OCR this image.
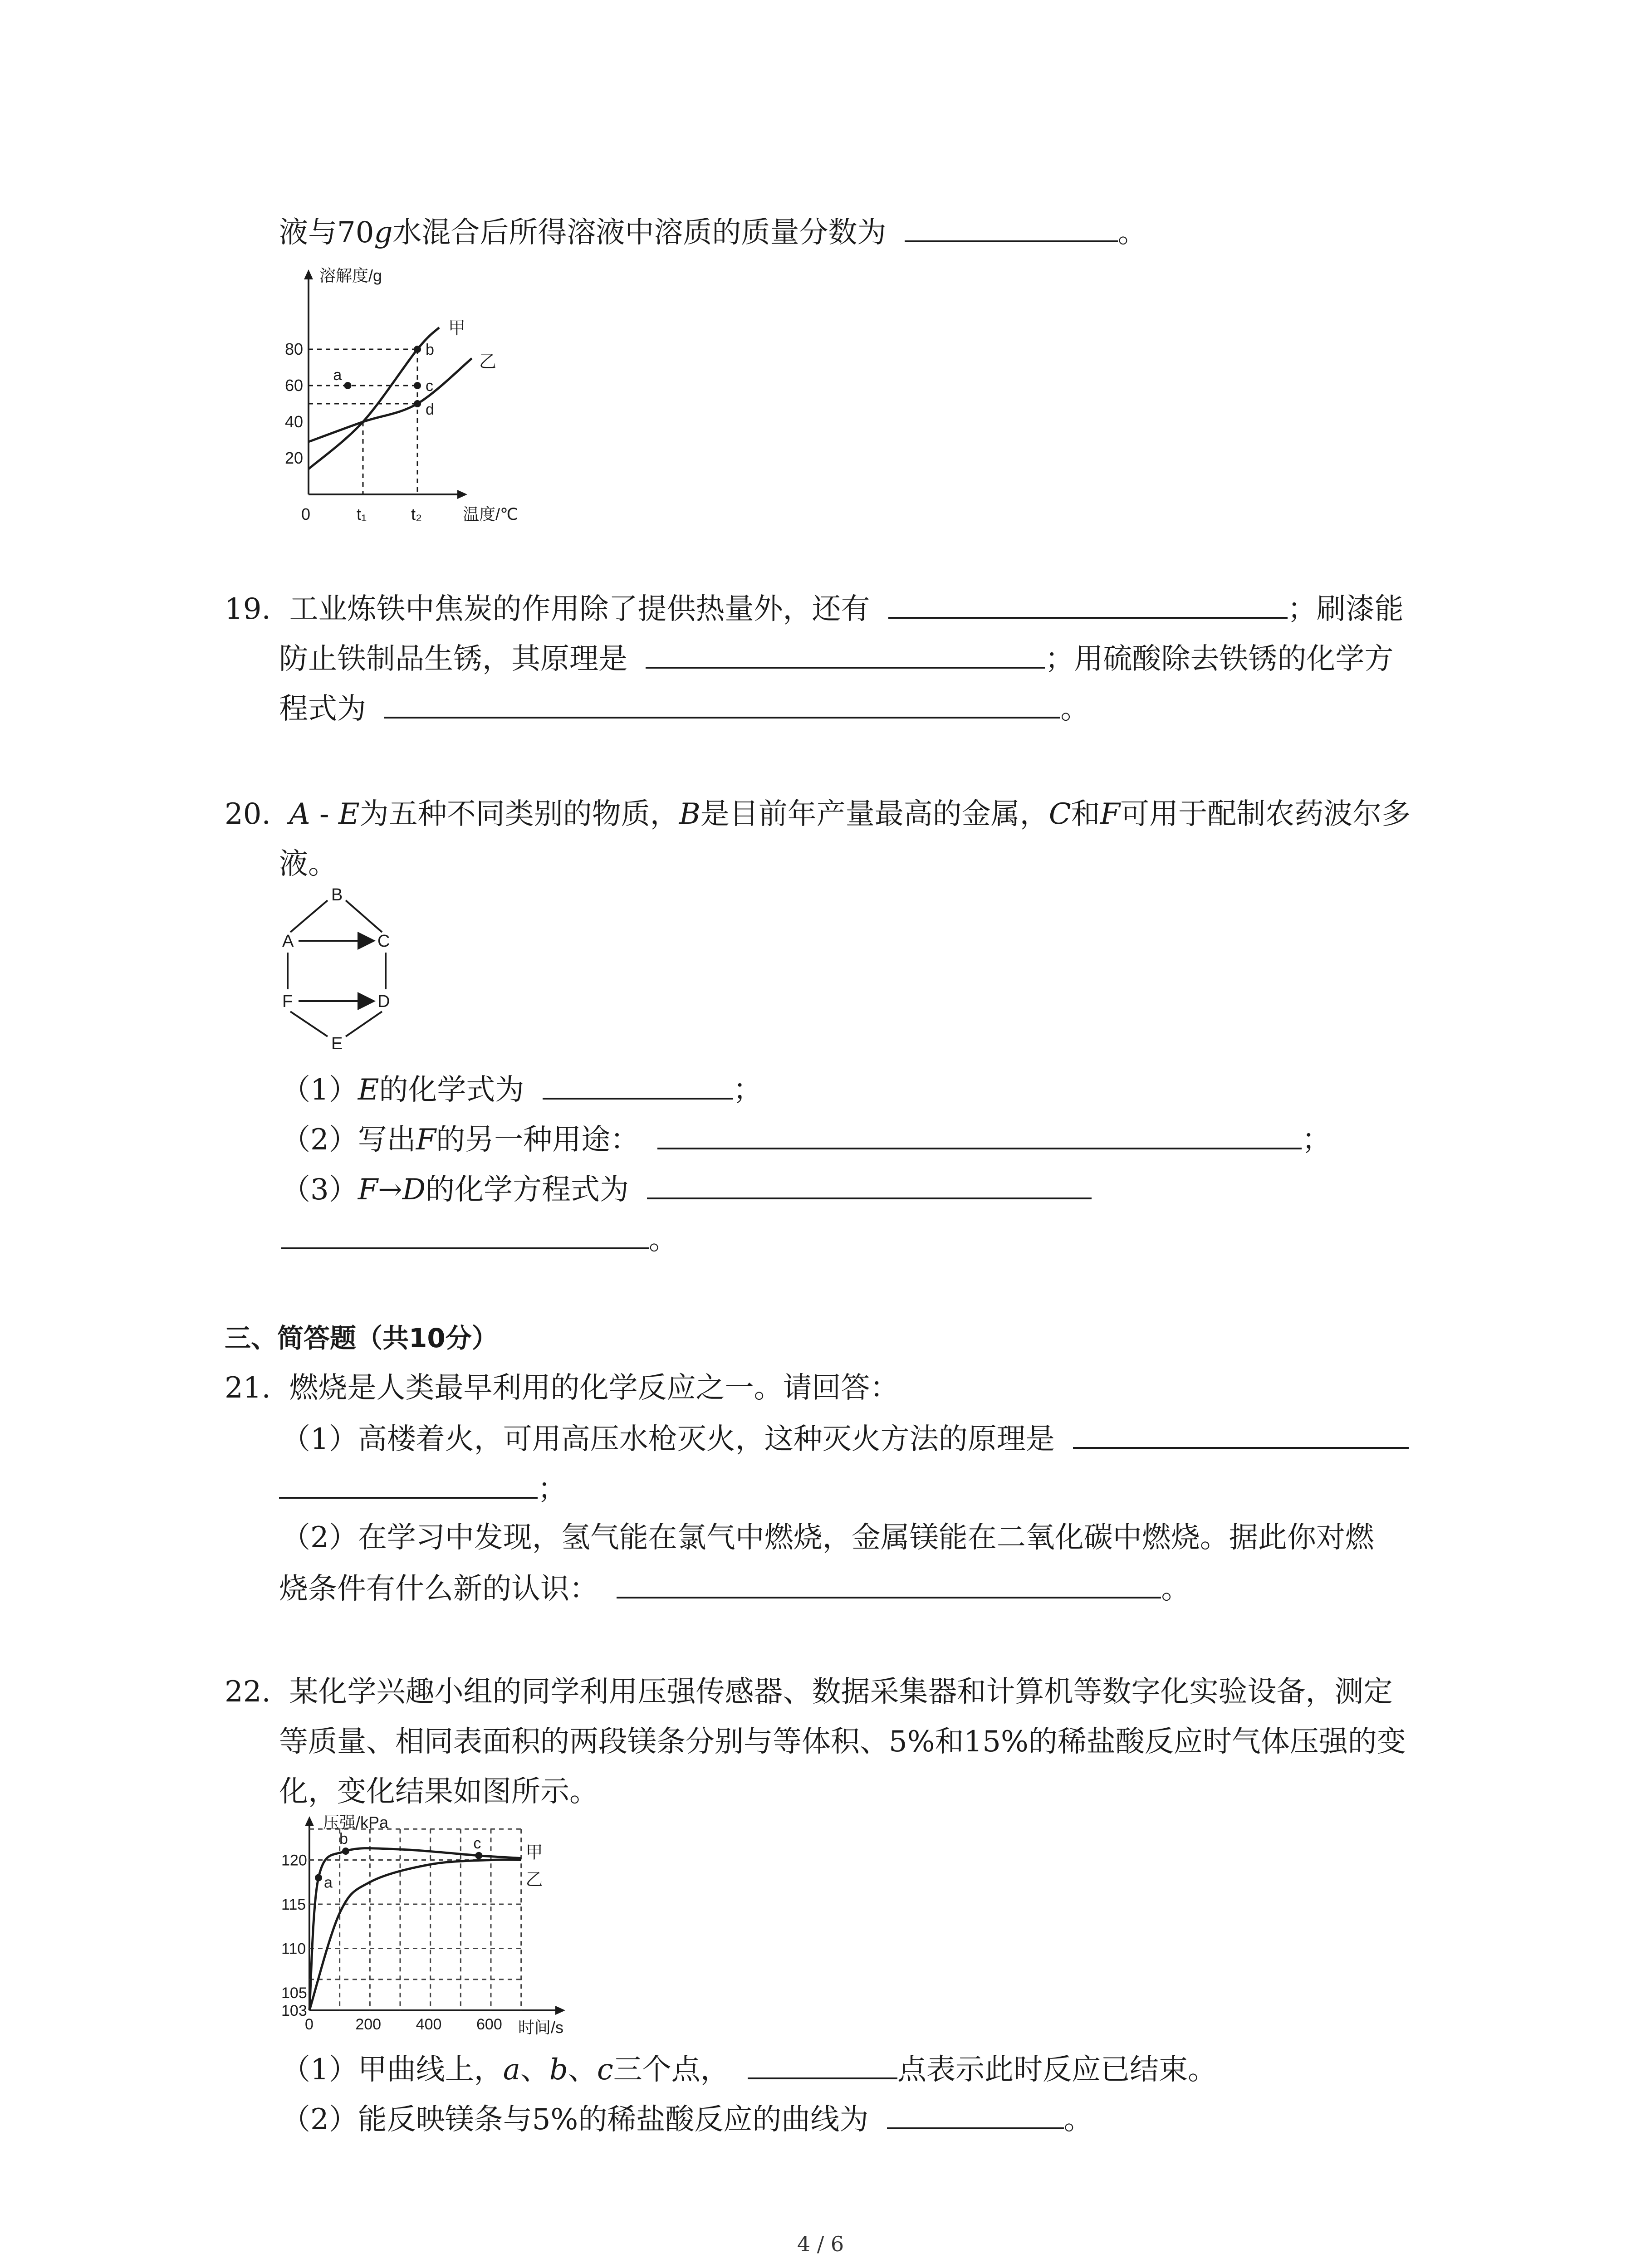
液与70g水混合后所得溶液中溶质的质量分数为	。
溶解度/g
80
60
40
20
t₁	t₂
甲
乙
a
b
c
d
0	温度/℃
19. 工业炼铁中焦炭的作用除了提供热量外，还有	；刷漆能
防止铁制品生锈，其原理是	；用硫酸除去铁锈的化学方
程式为	。
20. A - E为五种不同类别的物质，B是目前年产量最高的金属，C和F可用于配制农药波尔多
液。
B
A	C
F	D
E
（1）E的化学式为	；
（2）写出F的另一种用途：	；
（3）F→D的化学方程式为
。
三、简答题（共10分）
21. 燃烧是人类最早利用的化学反应之一。请回答：
（1）高楼着火，可用高压水枪灭火，这种灭火方法的原理是
；
（2）在学习中发现，氢气能在氯气中燃烧，金属镁能在二氧化碳中燃烧。据此你对燃
烧条件有什么新的认识：	。
22. 某化学兴趣小组的同学利用压强传感器、数据采集器和计算机等数字化实验设备，测定
等质量、相同表面积的两段镁条分别与等体积、5%和15%的稀盐酸反应时气体压强的变
化，变化结果如图所示。
压强/kPa
120
115
110
105
103
0	200 400 600
甲
乙
a
b	c
时间/s
（1）甲曲线上，a、b、c三个点，	点表示此时反应已结束。
（2）能反映镁条与5%的稀盐酸反应的曲线为	。
4 / 6
